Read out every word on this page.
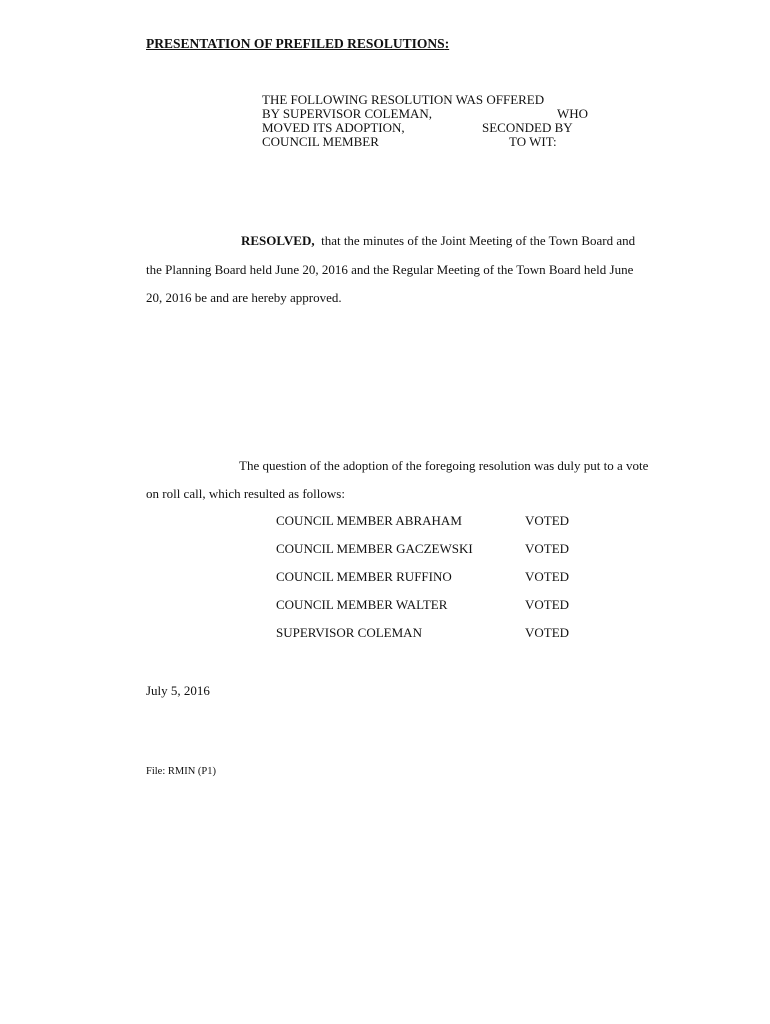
PRESENTATION OF PREFILED RESOLUTIONS:
THE FOLLOWING RESOLUTION WAS OFFERED
BY SUPERVISOR COLEMAN,	WHO
MOVED ITS ADOPTION,	SECONDED BY
COUNCIL MEMBER	TO WIT:
RESOLVED, that the minutes of the Joint Meeting of the Town Board and
the Planning Board held June 20, 2016 and the Regular Meeting of the Town Board held June
20, 2016 be and are hereby approved.
The question of the adoption of the foregoing resolution was duly put to a vote
on roll call, which resulted as follows:
COUNCIL MEMBER ABRAHAM	VOTED
COUNCIL MEMBER GACZEWSKI	VOTED
COUNCIL MEMBER RUFFINO	VOTED
COUNCIL MEMBER WALTER	VOTED
SUPERVISOR COLEMAN	VOTED
July 5, 2016
File: RMIN (P1)
